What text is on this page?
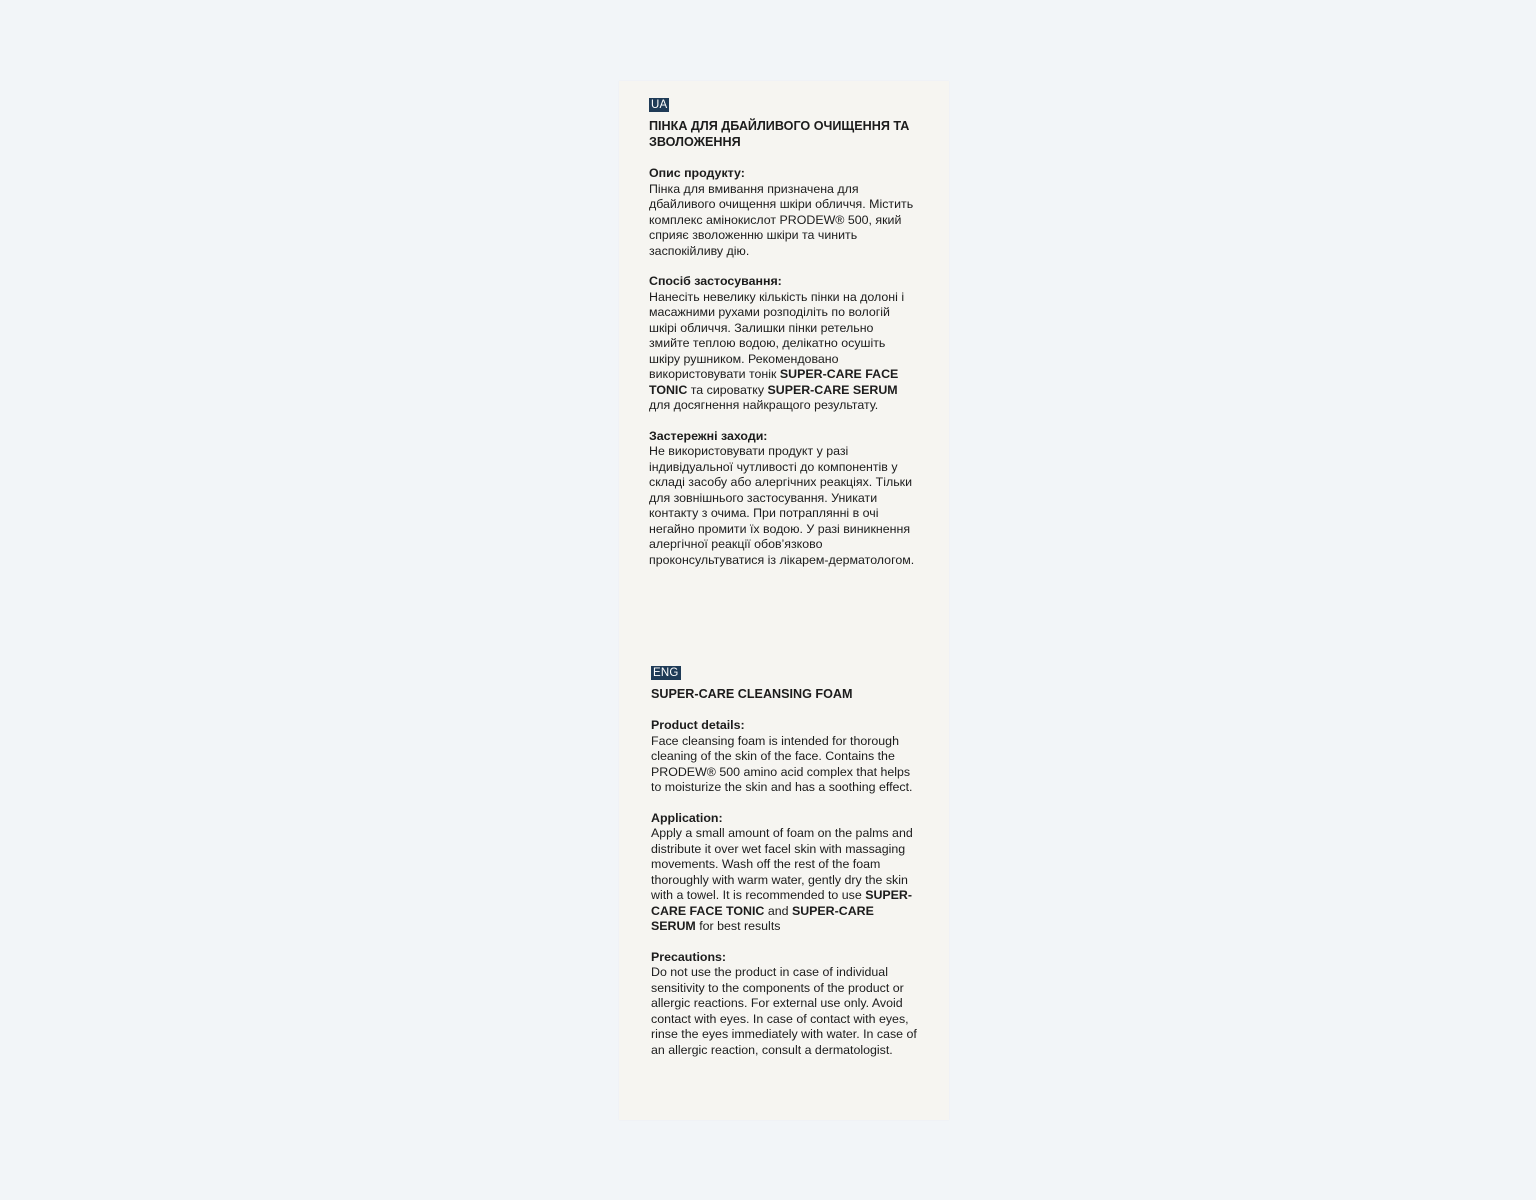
UA
ПІНКА ДЛЯ ДБАЙЛИВОГО ОЧИЩЕННЯ ТА ЗВОЛОЖЕННЯ
Опис продукту:
Пінка для вмивання призначена для дбайливого очищення шкіри обличчя. Містить комплекс амінокислот PRODEW® 500, який сприяє зволоженню шкіри та чинить заспокійливу дію.
Спосіб застосування:
Нанесіть невелику кількість пінки на долоні і масажними рухами розподіліть по вологій шкірі обличчя. Залишки пінки ретельно змийте теплою водою, делікатно осушіть шкіру рушником. Рекомендовано використовувати тонік SUPER-CARE FACE TONIC та сироватку SUPER-CARE SERUM для досягнення найкращого результату.
Застережні заходи:
Не використовувати продукт у разі індивідуальної чутливості до компонентів у складі засобу або алергічних реакціях. Тільки для зовнішнього застосування. Уникати контакту з очима. При потраплянні в очі негайно промити їх водою. У разі виникнення алергічної реакції обов’язково проконсультуватися із лікарем-дерматологом.
ENG
SUPER-CARE CLEANSING FOAM
Product details:
Face cleansing foam is intended for thorough cleaning of the skin of the face. Contains the PRODEW® 500 amino acid complex that helps to moisturize the skin and has a soothing effect.
Application:
Apply a small amount of foam on the palms and distribute it over wet facel skin with massaging movements. Wash off the rest of the foam thoroughly with warm water, gently dry the skin with a towel. It is recommended to use SUPER-CARE FACE TONIC and SUPER-CARE SERUM for best results
Precautions:
Do not use the product in case of individual sensitivity to the components of the product or allergic reactions. For external use only. Avoid contact with eyes. In case of contact with eyes, rinse the eyes immediately with water. In case of an allergic reaction, consult a dermatologist.
